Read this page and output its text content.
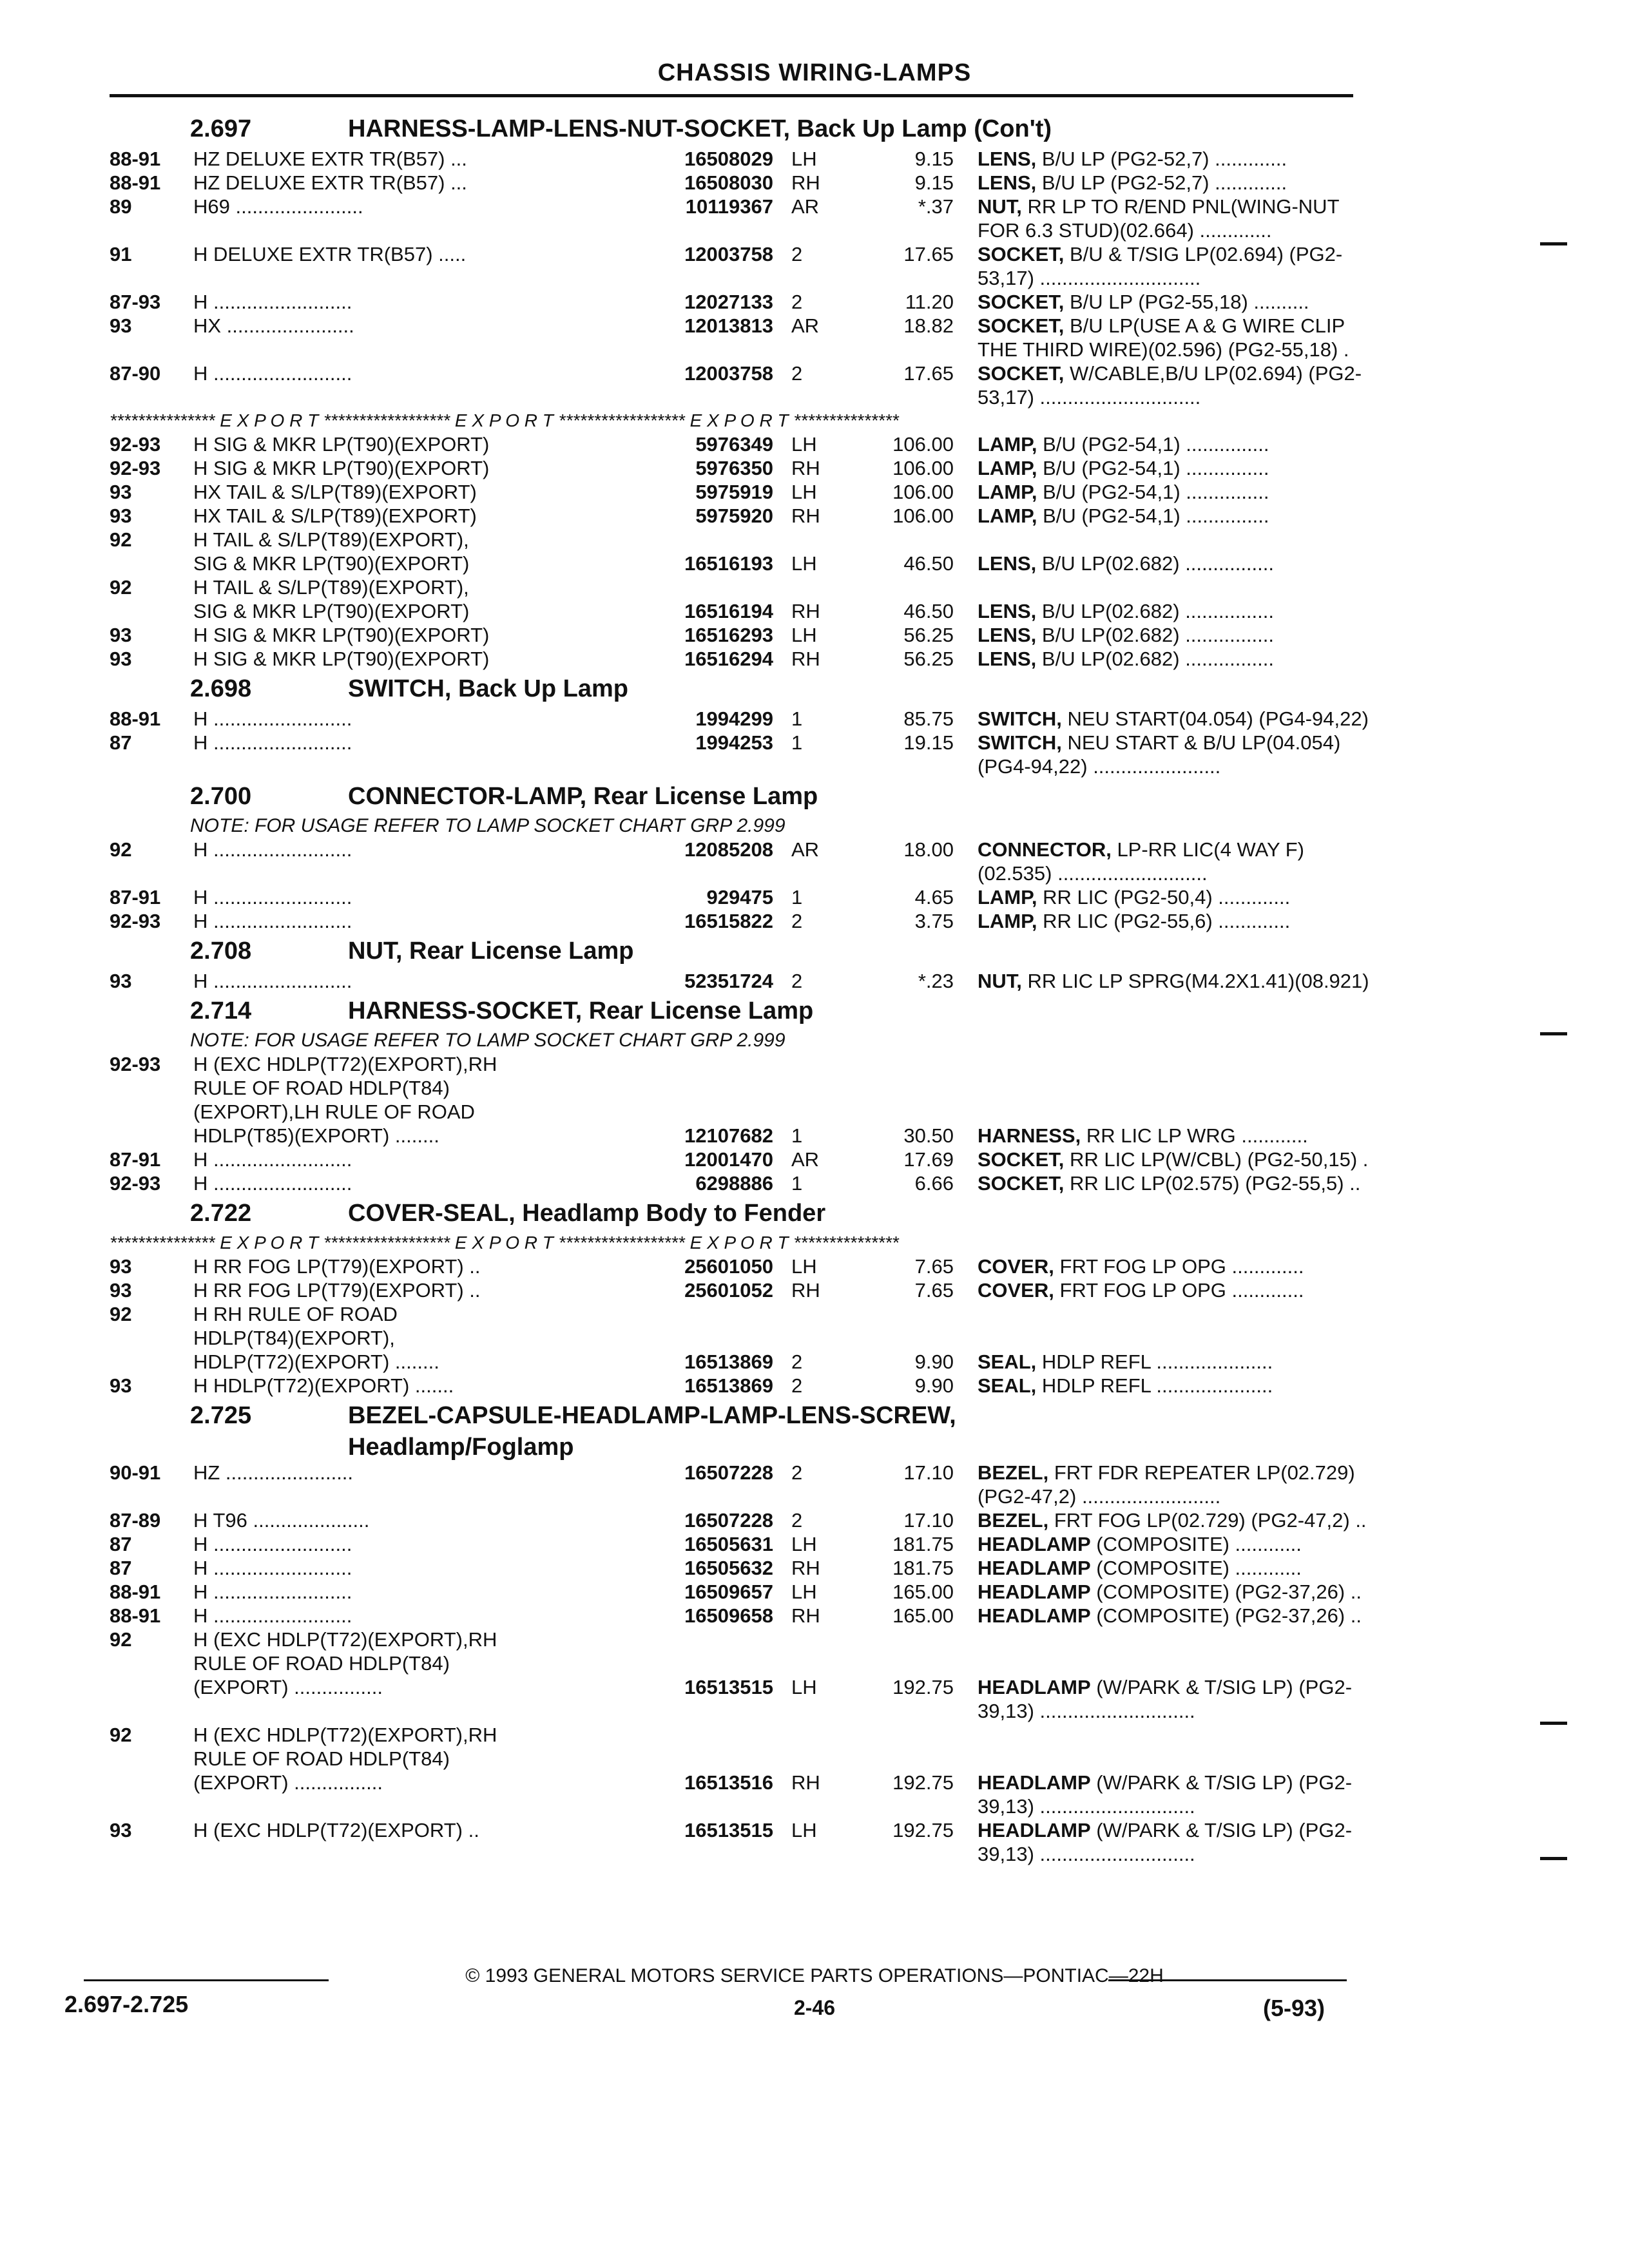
CHASSIS WIRING-LAMPS
2.697	HARNESS-LAMP-LENS-NUT-SOCKET, Back Up Lamp (Con't)
88-91 HZ DELUXE EXTR TR(B57) ...	16508029 LH	9.15 LENS, B/U LP (PG2-52,7) .............
88-91 HZ DELUXE EXTR TR(B57) ...	16508030 RH	9.15 LENS, B/U LP (PG2-52,7) .............
89	H69 .......................	10119367 AR	*.37 NUT, RR LP TO R/END PNL(WING-NUT
FOR 6.3 STUD)(02.664) .............
91	H DELUXE EXTR TR(B57) .....	12003758 2	17.65 SOCKET, B/U & T/SIG LP(02.694) (PG2-
53,17) .............................
87-93 H .........................	12027133 2	11.20 SOCKET, B/U LP (PG2-55,18) ..........
93	HX .......................	12013813 AR	18.82 SOCKET, B/U LP(USE A & G WIRE CLIP
THE THIRD WIRE)(02.596) (PG2-55,18) .
87-90 H .........................	12003758 2	17.65 SOCKET, W/CABLE,B/U LP(02.694) (PG2-
53,17) .............................
*************** E X P O R T ****************** E X P O R T ****************** E X P O R T ***************
92-93 H SIG & MKR LP(T90)(EXPORT)	5976349 LH	106.00 LAMP, B/U (PG2-54,1) ...............
92-93 H SIG & MKR LP(T90)(EXPORT)	5976350 RH	106.00 LAMP, B/U (PG2-54,1) ...............
93	HX TAIL & S/LP(T89)(EXPORT)	5975919 LH	106.00 LAMP, B/U (PG2-54,1) ...............
93	HX TAIL & S/LP(T89)(EXPORT)	5975920 RH	106.00 LAMP, B/U (PG2-54,1) ...............
92	H TAIL & S/LP(T89)(EXPORT),
SIG & MKR LP(T90)(EXPORT)	16516193 LH	46.50 LENS, B/U LP(02.682) ................
92	H TAIL & S/LP(T89)(EXPORT),
SIG & MKR LP(T90)(EXPORT)	16516194 RH	46.50 LENS, B/U LP(02.682) ................
93	H SIG & MKR LP(T90)(EXPORT)	16516293 LH	56.25 LENS, B/U LP(02.682) ................
93	H SIG & MKR LP(T90)(EXPORT)	16516294 RH	56.25 LENS, B/U LP(02.682) ................
2.698	SWITCH, Back Up Lamp
88-91 H .........................	1994299 1	85.75 SWITCH, NEU START(04.054) (PG4-94,22)
87	H .........................	1994253 1	19.15 SWITCH, NEU START & B/U LP(04.054)
(PG4-94,22) .......................
2.700	CONNECTOR-LAMP, Rear License Lamp
NOTE: FOR USAGE REFER TO LAMP SOCKET CHART GRP 2.999
92	H .........................	12085208 AR	18.00 CONNECTOR, LP-RR LIC(4 WAY F)
(02.535) ...........................
87-91 H .........................	929475 1	4.65 LAMP, RR LIC (PG2-50,4) .............
92-93 H .........................	16515822 2	3.75 LAMP, RR LIC (PG2-55,6) .............
2.708	NUT, Rear License Lamp
93	H .........................	52351724 2	*.23 NUT, RR LIC LP SPRG(M4.2X1.41)(08.921)
2.714	HARNESS-SOCKET, Rear License Lamp
NOTE: FOR USAGE REFER TO LAMP SOCKET CHART GRP 2.999
92-93 H (EXC HDLP(T72)(EXPORT),RH
RULE OF ROAD HDLP(T84)
(EXPORT),LH RULE OF ROAD
HDLP(T85)(EXPORT) ........	12107682 1	30.50 HARNESS, RR LIC LP WRG ............
87-91 H .........................	12001470 AR	17.69 SOCKET, RR LIC LP(W/CBL) (PG2-50,15) .
92-93 H .........................	6298886 1	6.66 SOCKET, RR LIC LP(02.575) (PG2-55,5) ..
2.722	COVER-SEAL, Headlamp Body to Fender
*************** E X P O R T ****************** E X P O R T ****************** E X P O R T ***************
93	H RR FOG LP(T79)(EXPORT) ..	25601050 LH	7.65 COVER, FRT FOG LP OPG .............
93	H RR FOG LP(T79)(EXPORT) ..	25601052 RH	7.65 COVER, FRT FOG LP OPG .............
92	H RH RULE OF ROAD
HDLP(T84)(EXPORT),
HDLP(T72)(EXPORT) ........	16513869 2	9.90 SEAL, HDLP REFL .....................
93	H HDLP(T72)(EXPORT) .......	16513869 2	9.90 SEAL, HDLP REFL .....................
2.725	BEZEL-CAPSULE-HEADLAMP-LAMP-LENS-SCREW,
Headlamp/Foglamp
90-91 HZ .......................	16507228 2	17.10 BEZEL, FRT FDR REPEATER LP(02.729)
(PG2-47,2) .........................
87-89 H T96 .....................	16507228 2	17.10 BEZEL, FRT FOG LP(02.729) (PG2-47,2) ..
87	H .........................	16505631 LH	181.75 HEADLAMP (COMPOSITE) ............
87	H .........................	16505632 RH	181.75 HEADLAMP (COMPOSITE) ............
88-91 H .........................	16509657 LH	165.00 HEADLAMP (COMPOSITE) (PG2-37,26) ..
88-91 H .........................	16509658 RH	165.00 HEADLAMP (COMPOSITE) (PG2-37,26) ..
92	H (EXC HDLP(T72)(EXPORT),RH
RULE OF ROAD HDLP(T84)
(EXPORT) ................	16513515 LH	192.75 HEADLAMP (W/PARK & T/SIG LP) (PG2-
39,13) ............................
92	H (EXC HDLP(T72)(EXPORT),RH
RULE OF ROAD HDLP(T84)
(EXPORT) ................	16513516 RH	192.75 HEADLAMP (W/PARK & T/SIG LP) (PG2-
39,13) ............................
93	H (EXC HDLP(T72)(EXPORT) ..	16513515 LH	192.75 HEADLAMP (W/PARK & T/SIG LP) (PG2-
39,13) ............................
© 1993 GENERAL MOTORS SERVICE PARTS OPERATIONS—PONTIAC—22H
2.697-2.725	2-46	(5-93)
